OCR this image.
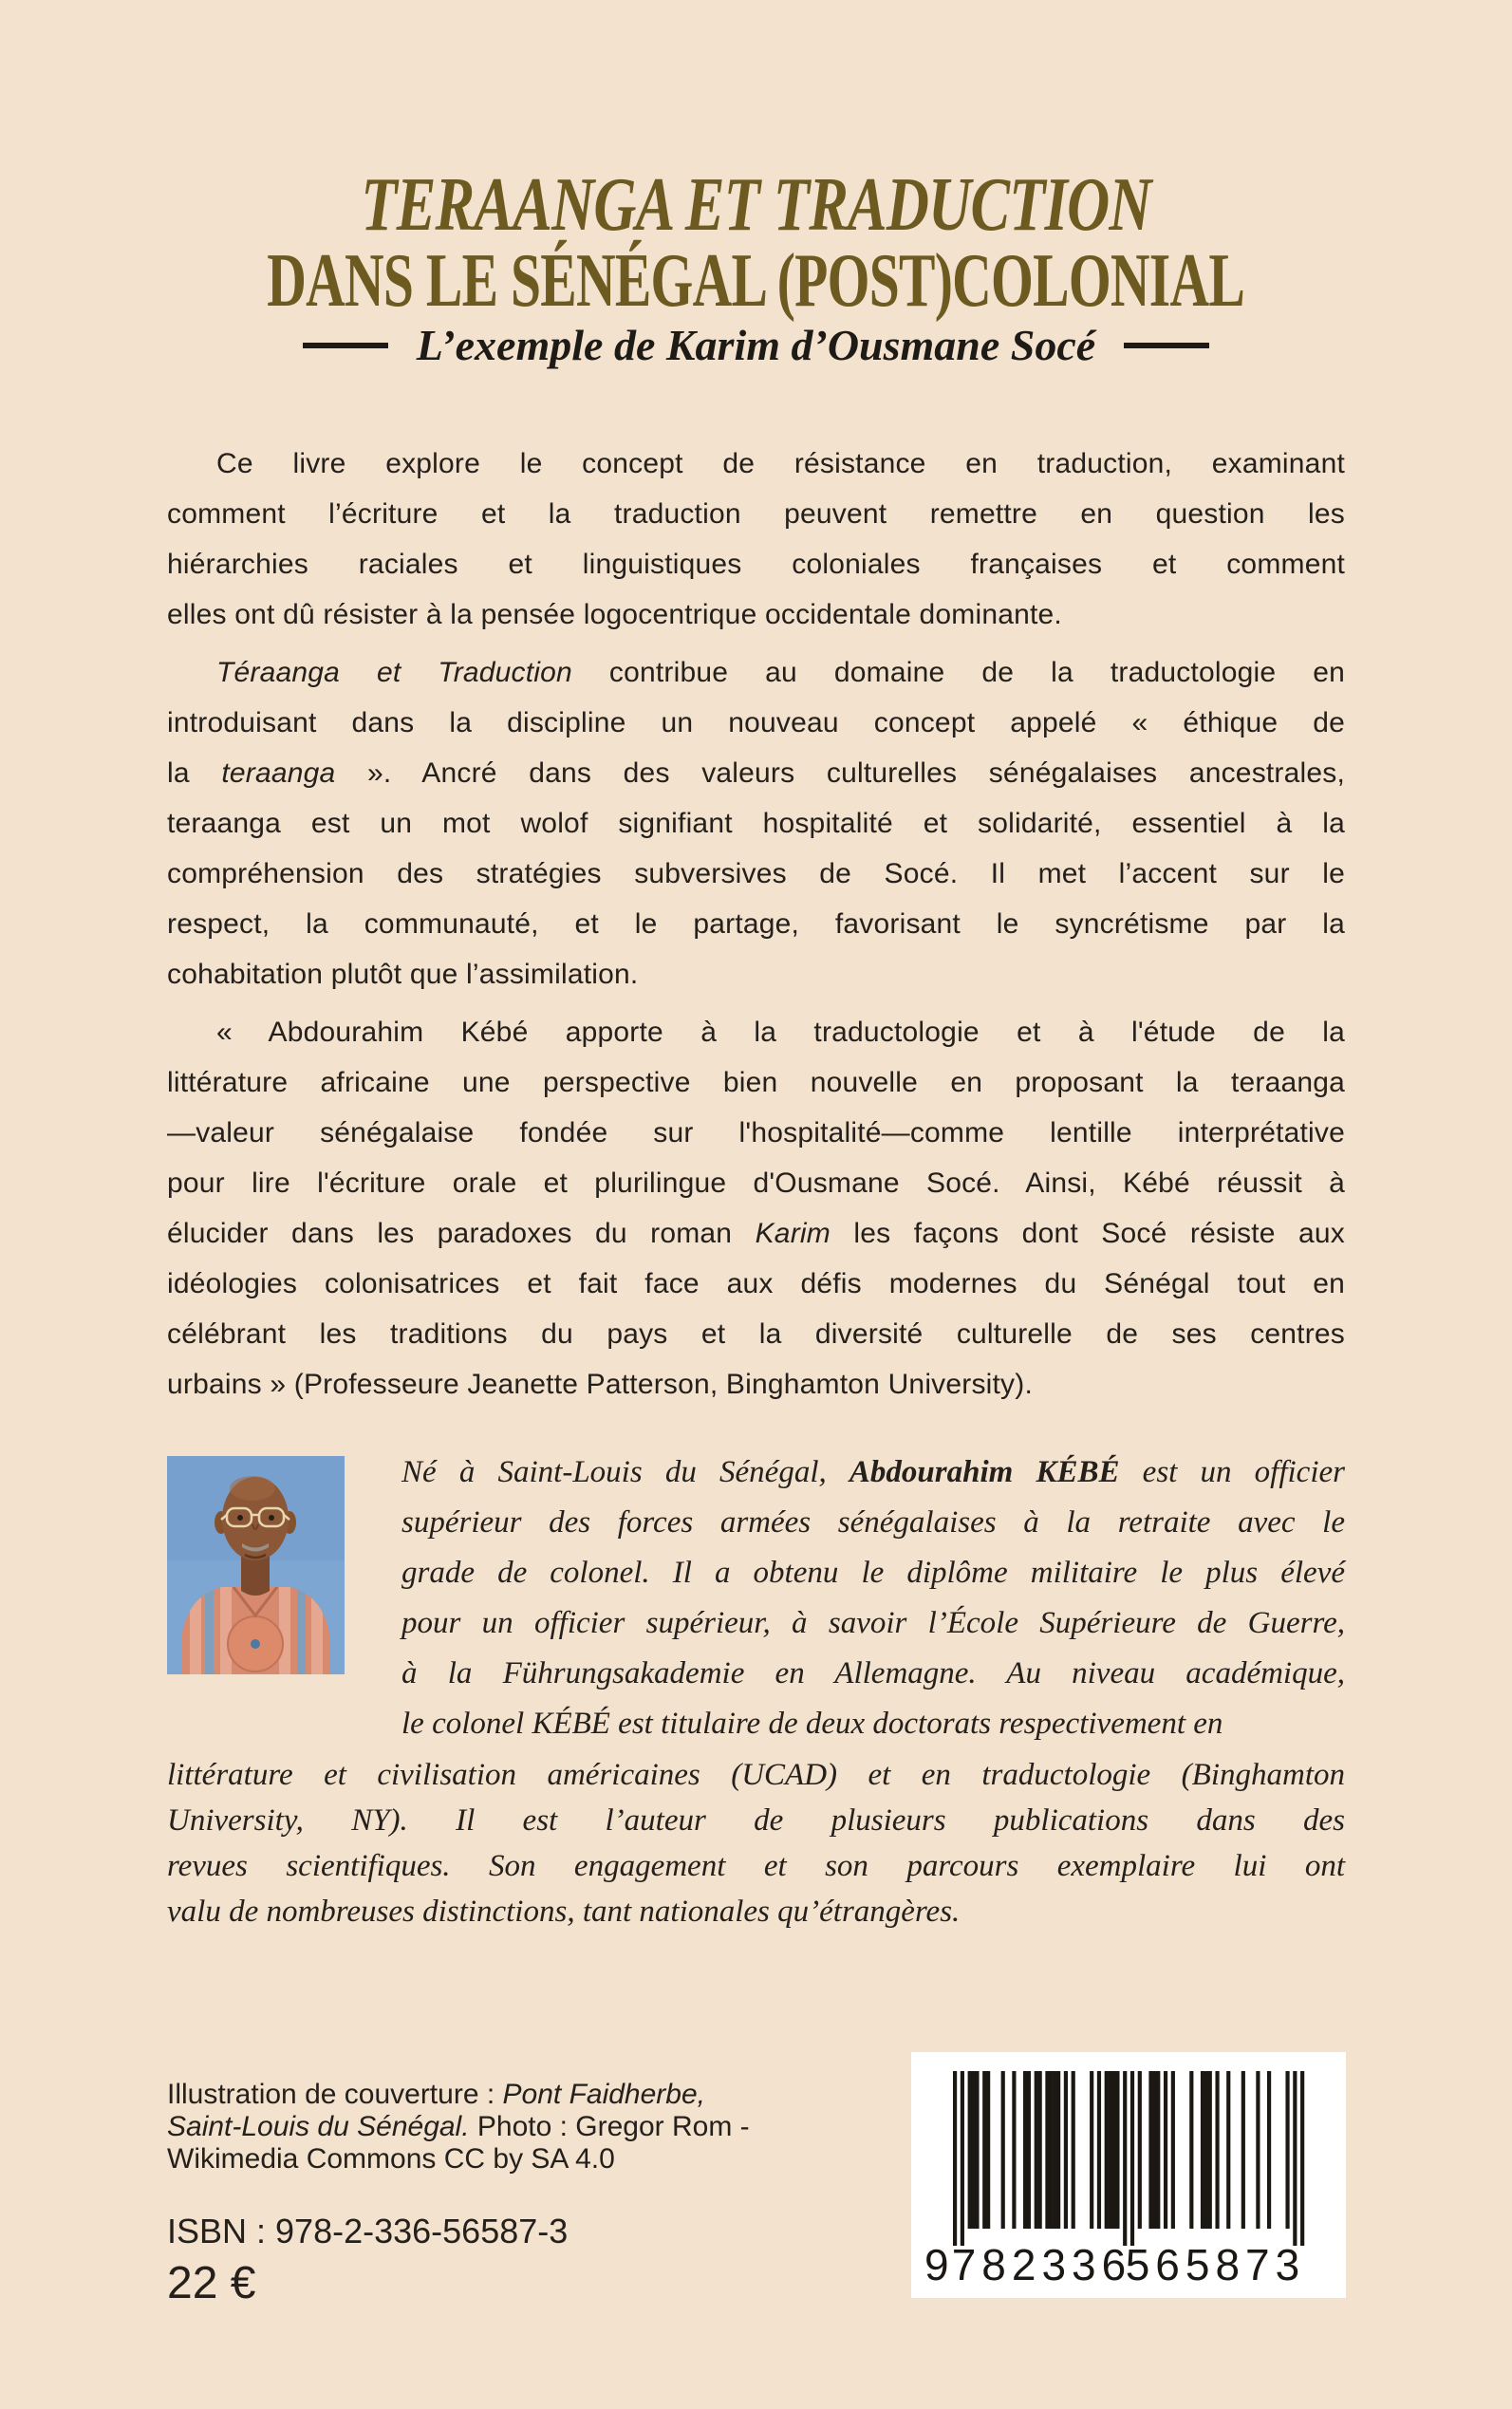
TERAANGA ET TRADUCTION
DANS LE SÉNÉGAL (POST)COLONIAL
L’exemple de Karim d’Ousmane Socé
Ce livre explore le concept de résistance en traduction, examinant
comment l’écriture et la traduction peuvent remettre en question les
hiérarchies raciales et linguistiques coloniales françaises et comment
elles ont dû résister à la pensée logocentrique occidentale dominante.
Téraanga et Traduction contribue au domaine de la traductologie en
introduisant dans la discipline un nouveau concept appelé « éthique de
la teraanga ». Ancré dans des valeurs culturelles sénégalaises ancestrales,
teraanga est un mot wolof signifiant hospitalité et solidarité, essentiel à la
compréhension des stratégies subversives de Socé. Il met l’accent sur le
respect, la communauté, et le partage, favorisant le syncrétisme par la
cohabitation plutôt que l’assimilation.
« Abdourahim Kébé apporte à la traductologie et à l'étude de la
littérature africaine une perspective bien nouvelle en proposant la teraanga
—valeur sénégalaise fondée sur l'hospitalité—comme lentille interprétative
pour lire l'écriture orale et plurilingue d'Ousmane Socé. Ainsi, Kébé réussit à
élucider dans les paradoxes du roman Karim les façons dont Socé résiste aux
idéologies colonisatrices et fait face aux défis modernes du Sénégal tout en
célébrant les traditions du pays et la diversité culturelle de ses centres
urbains » (Professeure Jeanette Patterson, Binghamton University).
Né à Saint-Louis du Sénégal, Abdourahim KÉBÉ est un officier
supérieur des forces armées sénégalaises à la retraite avec le
grade de colonel. Il a obtenu le diplôme militaire le plus élevé
pour un officier supérieur, à savoir l’École Supérieure de Guerre,
à la Führungsakademie en Allemagne. Au niveau académique,
le colonel KÉBÉ est titulaire de deux doctorats respectivement en
littérature et civilisation américaines (UCAD) et en traductologie (Binghamton
University, NY). Il est l’auteur de plusieurs publications dans des
revues scientifiques. Son engagement et son parcours exemplaire lui ont
valu de nombreuses distinctions, tant nationales qu’étrangères.
Illustration de couverture : Pont Faidherbe,
Saint-Louis du Sénégal. Photo : Gregor Rom -
Wikimedia Commons CC by SA 4.0
ISBN : 978-2-336-56587-3
22 €	9
782336
565873
